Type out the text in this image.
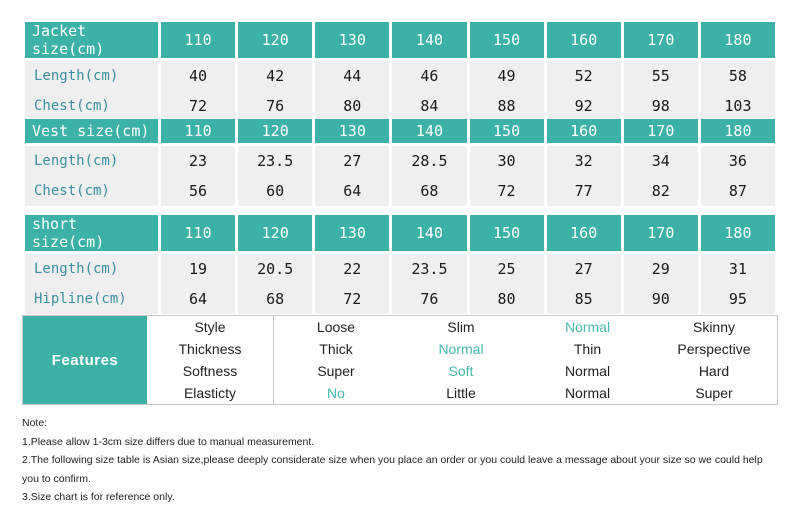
Jacket size(cm)	110	120	130	140	150	160	170	180

Length(cm)	40	42	44	46	49	52	55	58
Chest(cm)	72	76	80	84	88	92	98	103
Vest size(cm)	110	120	130	140	150	160	170	180

Length(cm)	23	23.5	27	28.5	30	32	34	36
Chest(cm)	56	60	64	68	72	77	82	87
short size(cm)	110	120	130	140	150	160	170	180

Length(cm)	19	20.5	22	23.5	25	27	29	31
Hipline(cm)	64	68	72	76	80	85	90	95
Features
Style	Loose	Slim	Normal	Skinny
Thickness	Thick	Normal	Thin	Perspective
Softness	Super	Soft	Normal	Hard
Elasticty	No	Little	Normal	Super

Note:

1.Please allow 1-3cm size differs due to manual measurement.

2.The following size table is Asian size,please deeply considerate size when you place an order or you could leave a message about your size so we could help you to confirm.

3.Size chart is for reference only.
